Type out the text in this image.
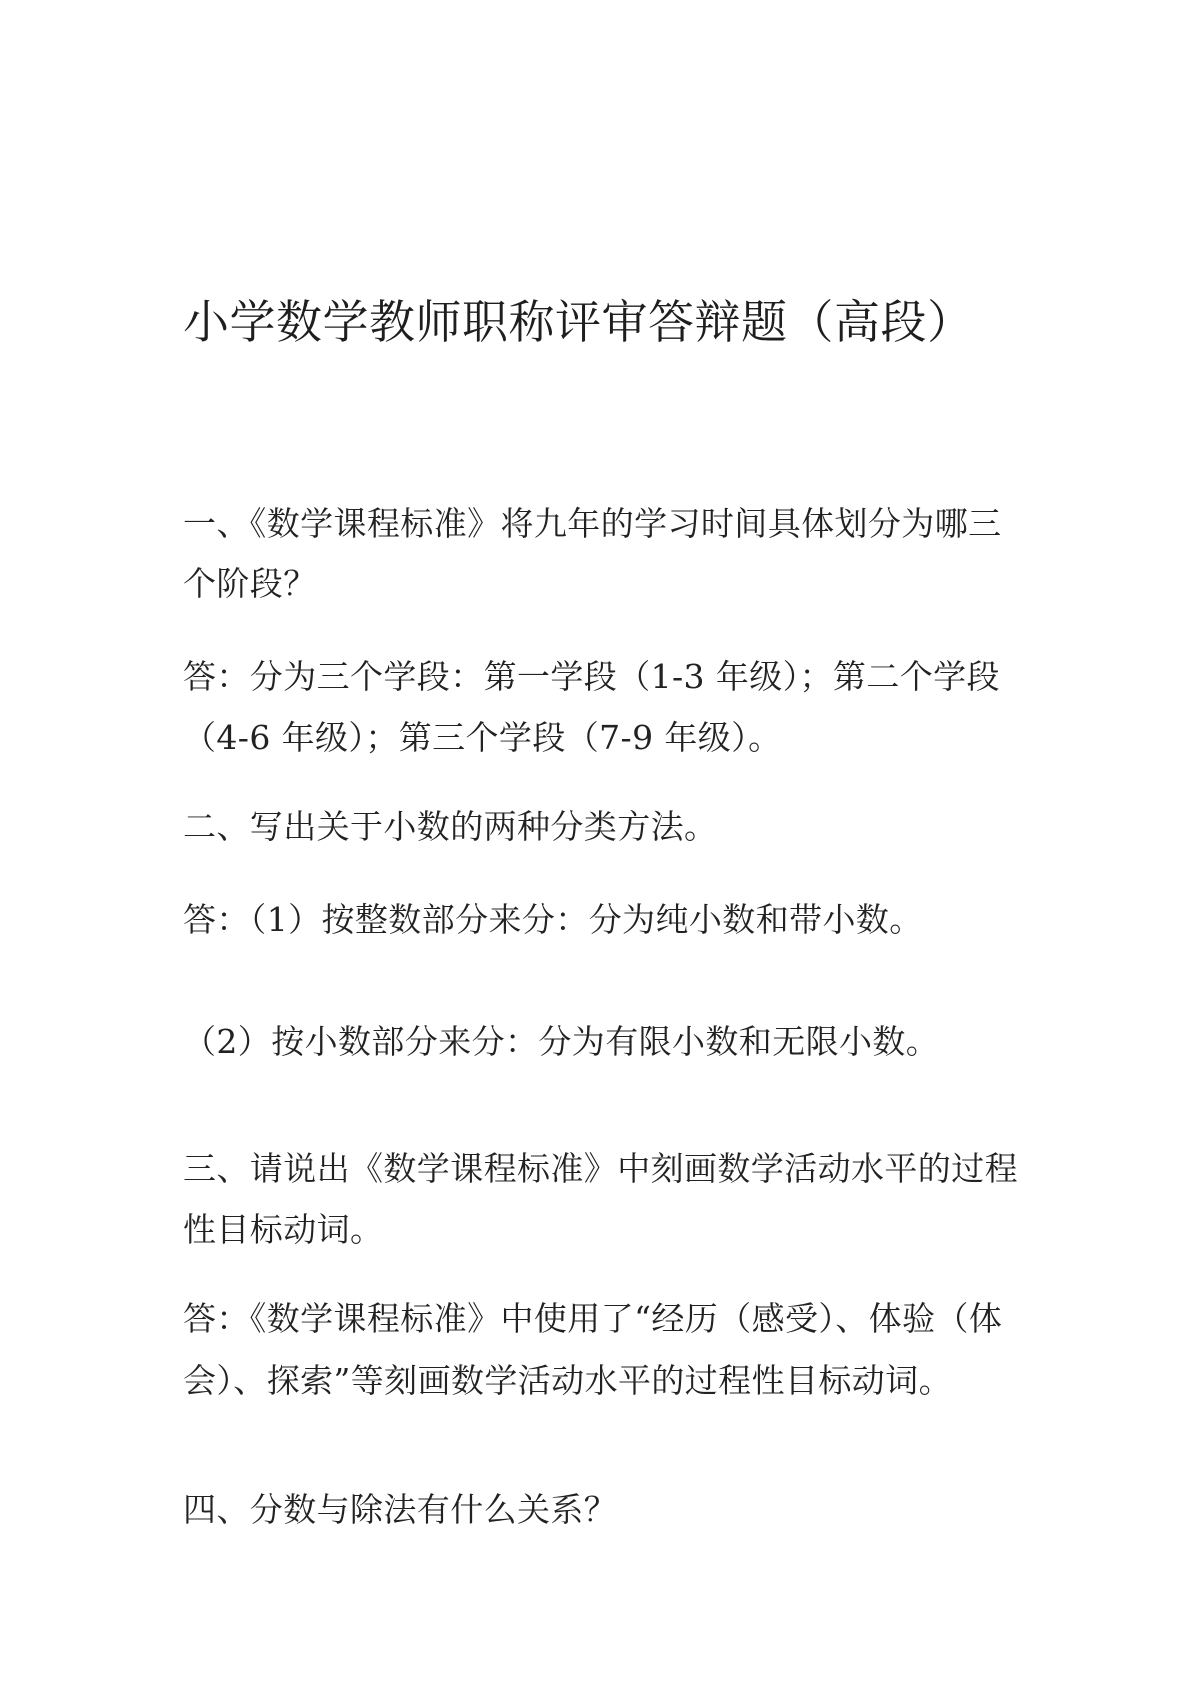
小学数学教师职称评审答辩题（高段）
一、《数学课程标准》将九年的学习时间具体划分为哪三
个阶段？
答：分为三个学段：第一学段（1-3 年级）；第二个学段
（4-6 年级）；第三个学段（7-9 年级）。
二、写出关于小数的两种分类方法。
答：（1）按整数部分来分：分为纯小数和带小数。
（2）按小数部分来分：分为有限小数和无限小数。
三、请说出《数学课程标准》中刻画数学活动水平的过程
性目标动词。
答：《数学课程标准》中使用了“经历（感受）、体验（体
会）、探索”等刻画数学活动水平的过程性目标动词。
四、分数与除法有什么关系？
